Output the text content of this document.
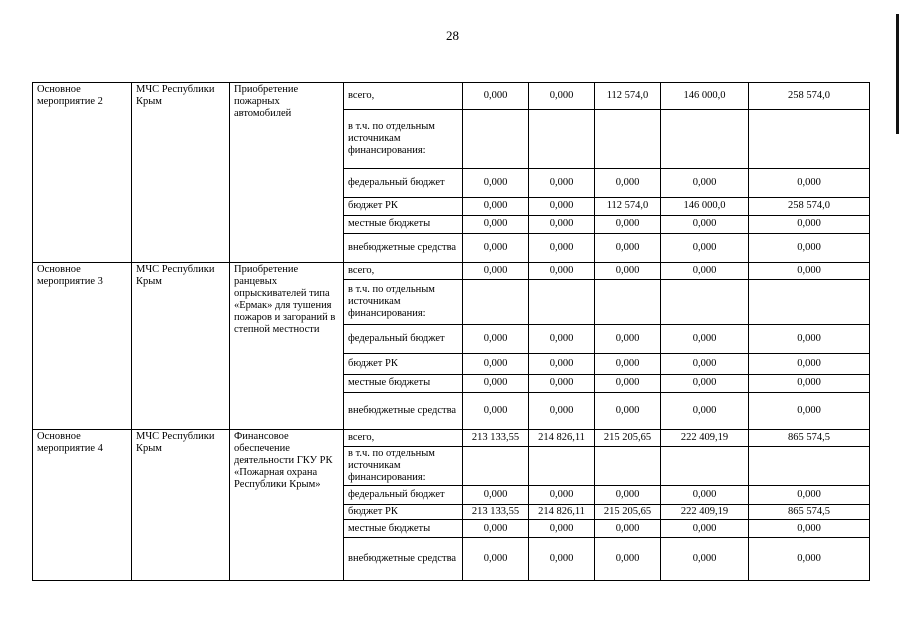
28
Основное мероприятие 2	МЧС Республики Крым	Приобретение пожарных автомобилей	всего,	0,000	0,000	112 574,0	146 000,0	258 574,0
			в т.ч. по отдельным источникам финансирования:					
			федеральный бюджет	0,000	0,000	0,000	0,000	0,000
			бюджет РК	0,000	0,000	112 574,0	146 000,0	258 574,0
			местные бюджеты	0,000	0,000	0,000	0,000	0,000
			внебюджетные средства	0,000	0,000	0,000	0,000	0,000
Основное мероприятие 3	МЧС Республики Крым	Приобретение ранцевых опрыскивателей типа «Ермак» для тушения пожаров и загораний в степной местности	всего,	0,000	0,000	0,000	0,000	0,000
			в т.ч. по отдельным источникам финансирования:					
			федеральный бюджет	0,000	0,000	0,000	0,000	0,000
			бюджет РК	0,000	0,000	0,000	0,000	0,000
			местные бюджеты	0,000	0,000	0,000	0,000	0,000
			внебюджетные средства	0,000	0,000	0,000	0,000	0,000
Основное мероприятие 4	МЧС Республики Крым	Финансовое обеспечение деятельности ГКУ РК «Пожарная охрана Республики Крым»	всего,	213 133,55	214 826,11	215 205,65	222 409,19	865 574,5
			в т.ч. по отдельным источникам финансирования:					
			федеральный бюджет	0,000	0,000	0,000	0,000	0,000
			бюджет РК	213 133,55	214 826,11	215 205,65	222 409,19	865 574,5
			местные бюджеты	0,000	0,000	0,000	0,000	0,000
			внебюджетные средства	0,000	0,000	0,000	0,000	0,000
